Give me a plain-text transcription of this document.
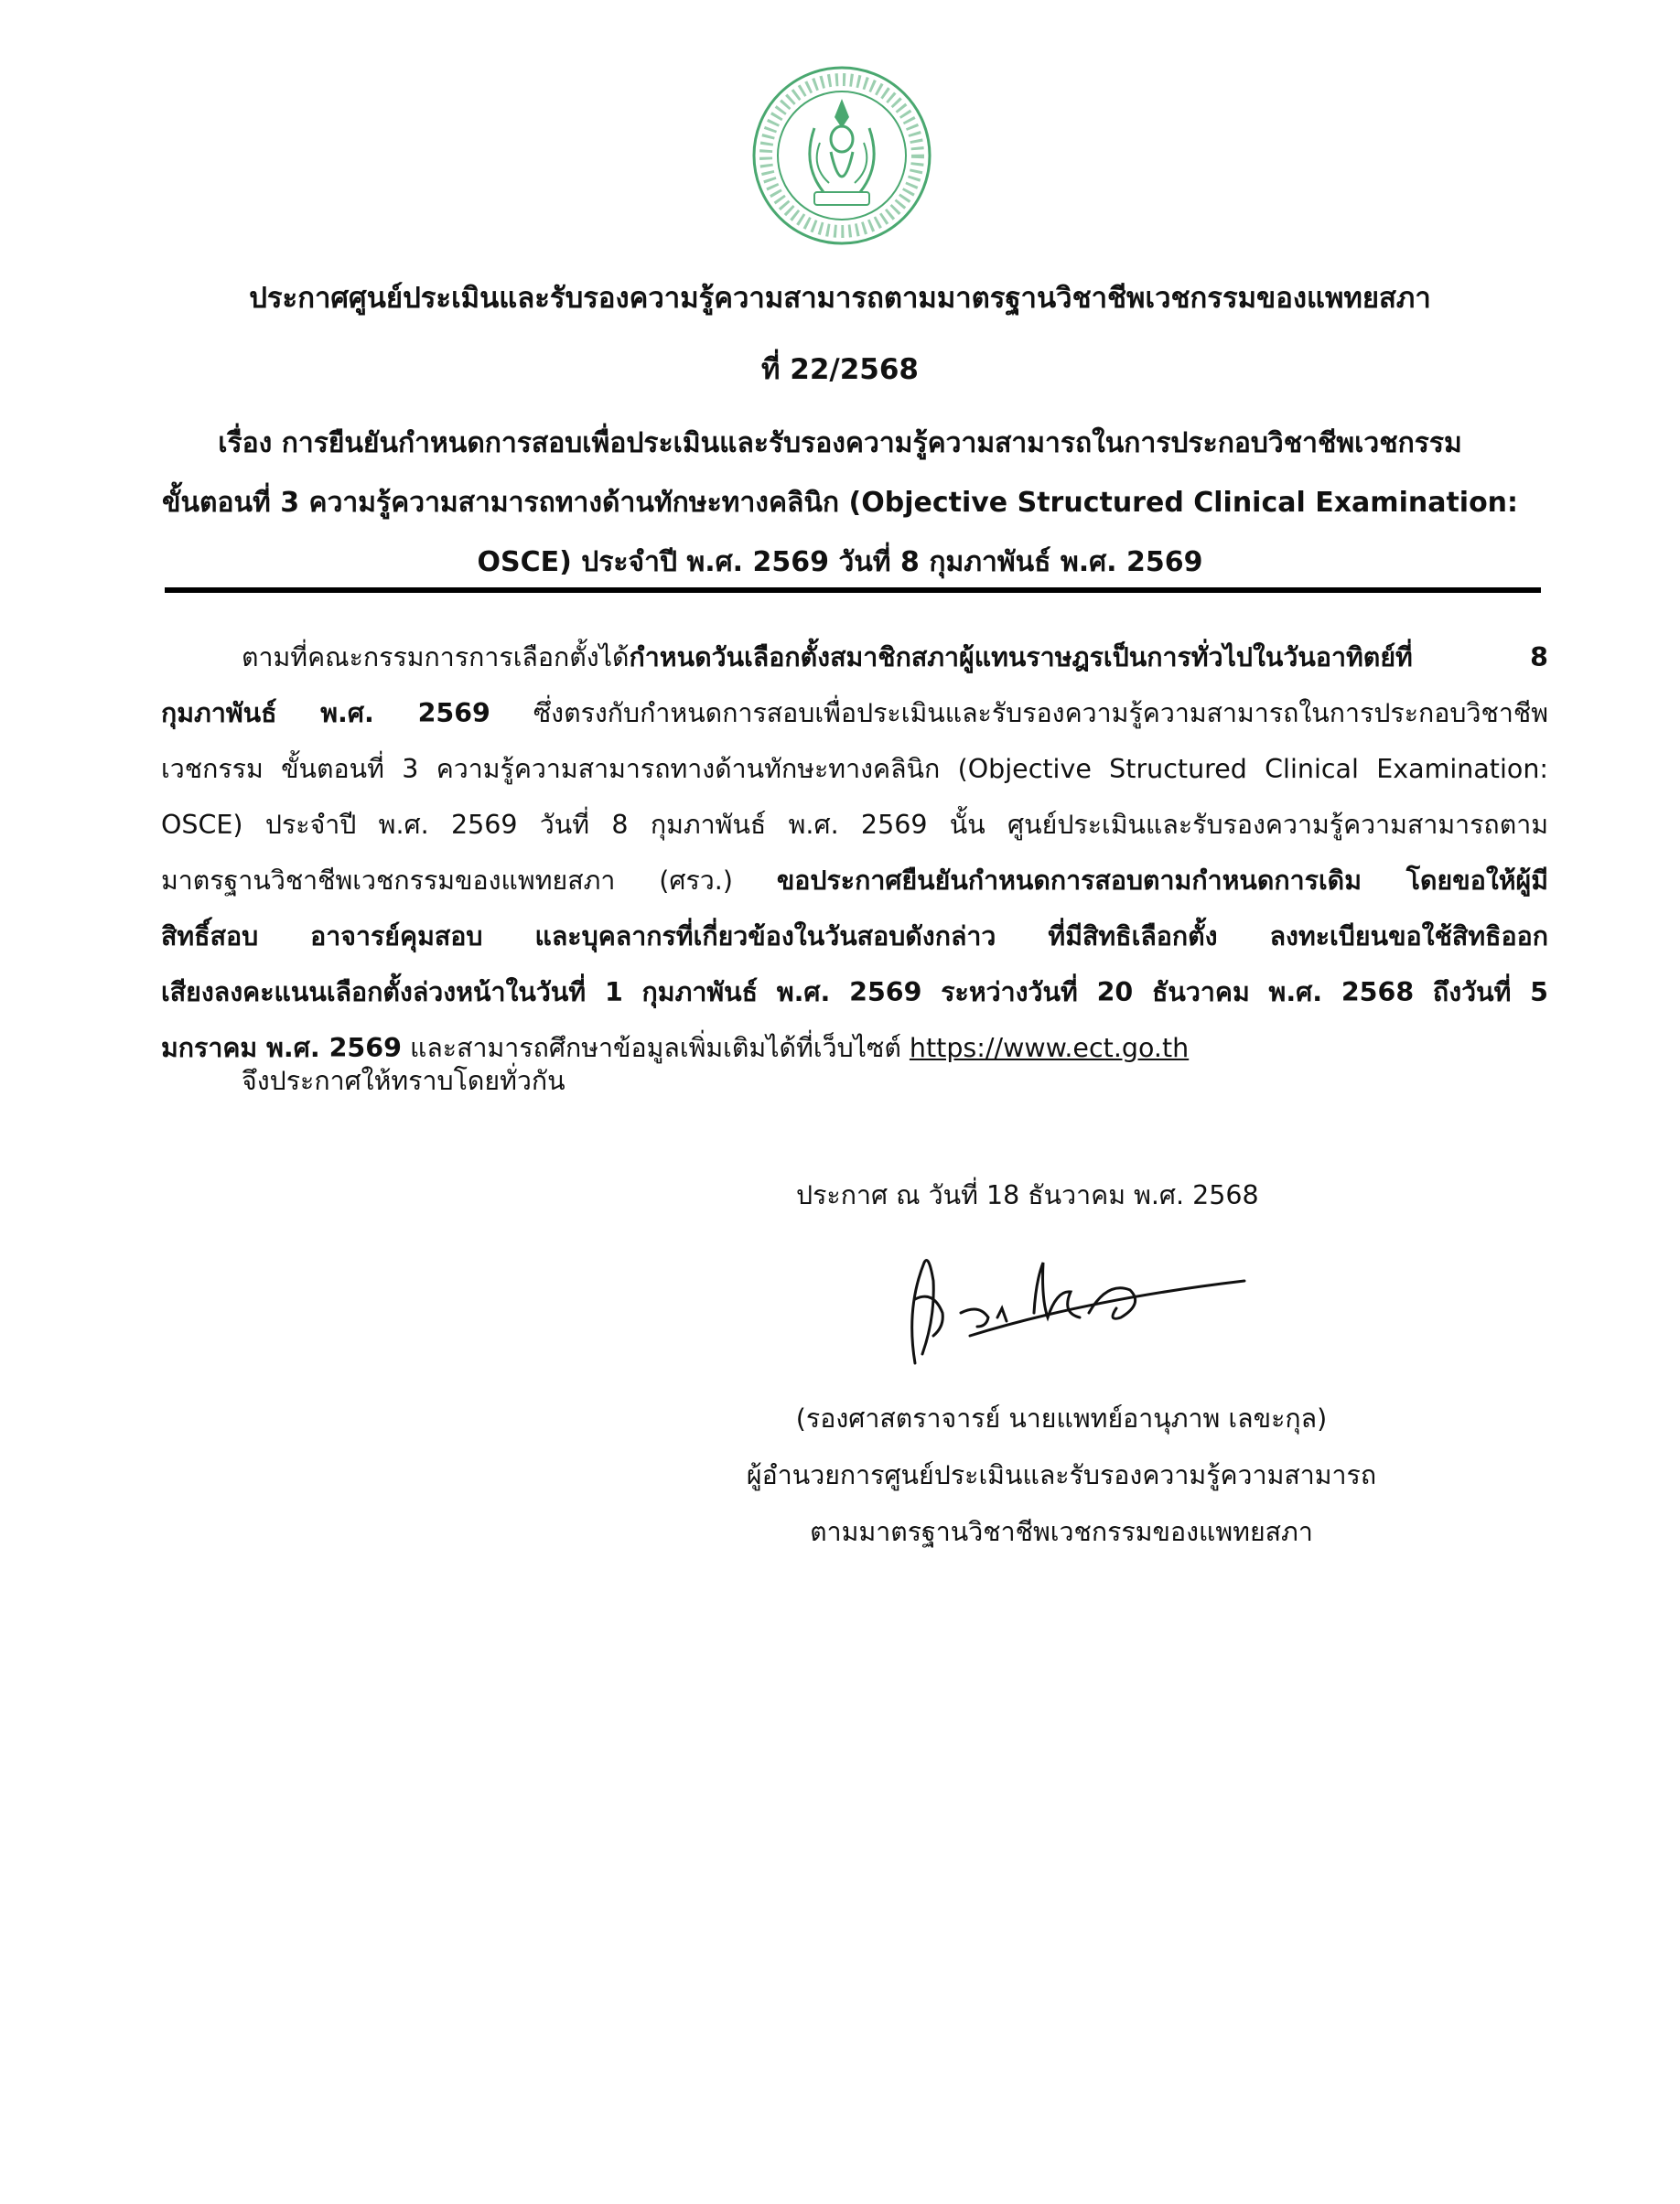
ประกาศศูนย์ประเมินและรับรองความรู้ความสามารถตามมาตรฐานวิชาชีพเวชกรรมของแพทยสภา
ที่ 22/2568
เรื่อง การยืนยันกำหนดการสอบเพื่อประเมินและรับรองความรู้ความสามารถในการประกอบวิชาชีพเวชกรรม
ขั้นตอนที่ 3 ความรู้ความสามารถทางด้านทักษะทางคลินิก (Objective Structured Clinical Examination:
OSCE) ประจำปี พ.ศ. 2569 วันที่ 8 กุมภาพันธ์ พ.ศ. 2569
ตามที่คณะกรรมการการเลือกตั้งได้กำหนดวันเลือกตั้งสมาชิกสภาผู้แทนราษฎรเป็นการทั่วไปในวันอาทิตย์ที่ 8
กุมภาพันธ์ พ.ศ. 2569 ซึ่งตรงกับกำหนดการสอบเพื่อประเมินและรับรองความรู้ความสามารถในการประกอบวิชาชีพ
เวชกรรม ขั้นตอนที่ 3 ความรู้ความสามารถทางด้านทักษะทางคลินิก (Objective Structured Clinical Examination:
OSCE) ประจำปี พ.ศ. 2569 วันที่ 8 กุมภาพันธ์ พ.ศ. 2569 นั้น ศูนย์ประเมินและรับรองความรู้ความสามารถตาม
มาตรฐานวิชาชีพเวชกรรมของแพทยสภา (ศรว.) ขอประกาศยืนยันกำหนดการสอบตามกำหนดการเดิม โดยขอให้ผู้มี
สิทธิ์สอบ อาจารย์คุมสอบ และบุคลากรที่เกี่ยวข้องในวันสอบดังกล่าว ที่มีสิทธิเลือกตั้ง ลงทะเบียนขอใช้สิทธิออก
เสียงลงคะแนนเลือกตั้งล่วงหน้าในวันที่ 1 กุมภาพันธ์ พ.ศ. 2569 ระหว่างวันที่ 20 ธันวาคม พ.ศ. 2568 ถึงวันที่ 5
มกราคม พ.ศ. 2569 และสามารถศึกษาข้อมูลเพิ่มเติมได้ที่เว็บไซต์ https://www.ect.go.th
จึงประกาศให้ทราบโดยทั่วกัน
ประกาศ ณ วันที่ 18 ธันวาคม พ.ศ. 2568
(รองศาสตราจารย์ นายแพทย์อานุภาพ เลขะกุล)
ผู้อำนวยการศูนย์ประเมินและรับรองความรู้ความสามารถ
ตามมาตรฐานวิชาชีพเวชกรรมของแพทยสภา
